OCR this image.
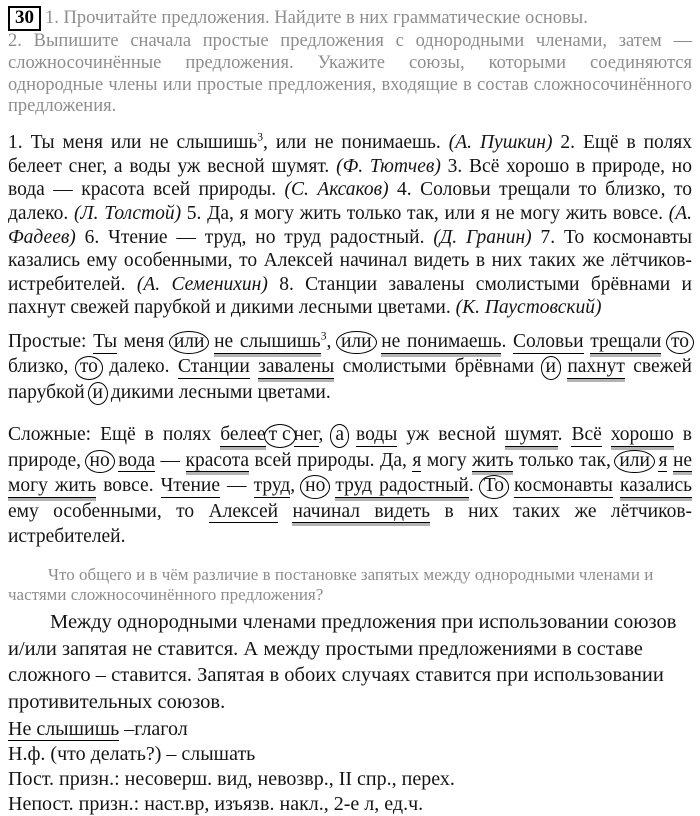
30 1. Прочитайте предложения. Найдите в них грамматические основы.
2. Выпишите сначала простые предложения с однородными членами, затем — сложносочинённые предложения. Укажите союзы, которыми соединяются однородные члены или простые предложения, входящие в состав сложносочинённого предложения.

1. Ты меня или не слышишь$^3$, или не понимаешь. (А. Пушкин) 2. Ещё в полях белеет снег, а воды уж весной шумят. (Ф. Тютчев) 3. Всё хорошо в природе, но вода — красота всей природы. (С. Аксаков) 4. Соловьи трещали то близко, то далеко. (Л. Толстой) 5. Да, я могу жить только так, или я не могу жить вовсе. (А. Фадеев) 6. Чтение — труд, но труд радостный. (Д. Гранин) 7. То космонавты казались ему особенными, то Алексей начинал видеть в них таких же лётчиков-истребителей. (А. Семенихин) 8. Станции завалены смолистыми брёвнами и пахнут свежей парубкой и дикими лесными цветами. (К. Паустовский)

Простые: Ты меня или не слышишь$^3$, или не понимаешь. Соловьи трещали то близко, то далеко. Станции завалены смолистыми брёвнами и пахнут свежей парубкой и дикими лесными цветами.

Сложные: Ещё в полях белее т с нег, а воды уж весной шумят. Всё хорошо в природе, но вода — красота всей природы. Да, я могу жить только так, или я не могу жить вовсе. Чтение — труд, но труд радостный. То космонавты казались ему особенными, то Алексей начинал видеть в них таких же лётчиков-истребителей.

Что общего и в чём различие в постановке запятых между однородными членами и частями сложносочинённого предложения?

Между однородными членами предложения при использовании союзов и/или запятая не ставится. А между простыми предложениями в составе сложного – ставится. Запятая в обоих случаях ставится при использовании противительных союзов.

Не слышишь –глагол

Н.ф. (что делать?) – слышать

Пост. призн.: несоверш. вид, невозвр., II спр., перех.

Непост. призн.: наст.вр, изъязв. накл., 2-е л, ед.ч.
